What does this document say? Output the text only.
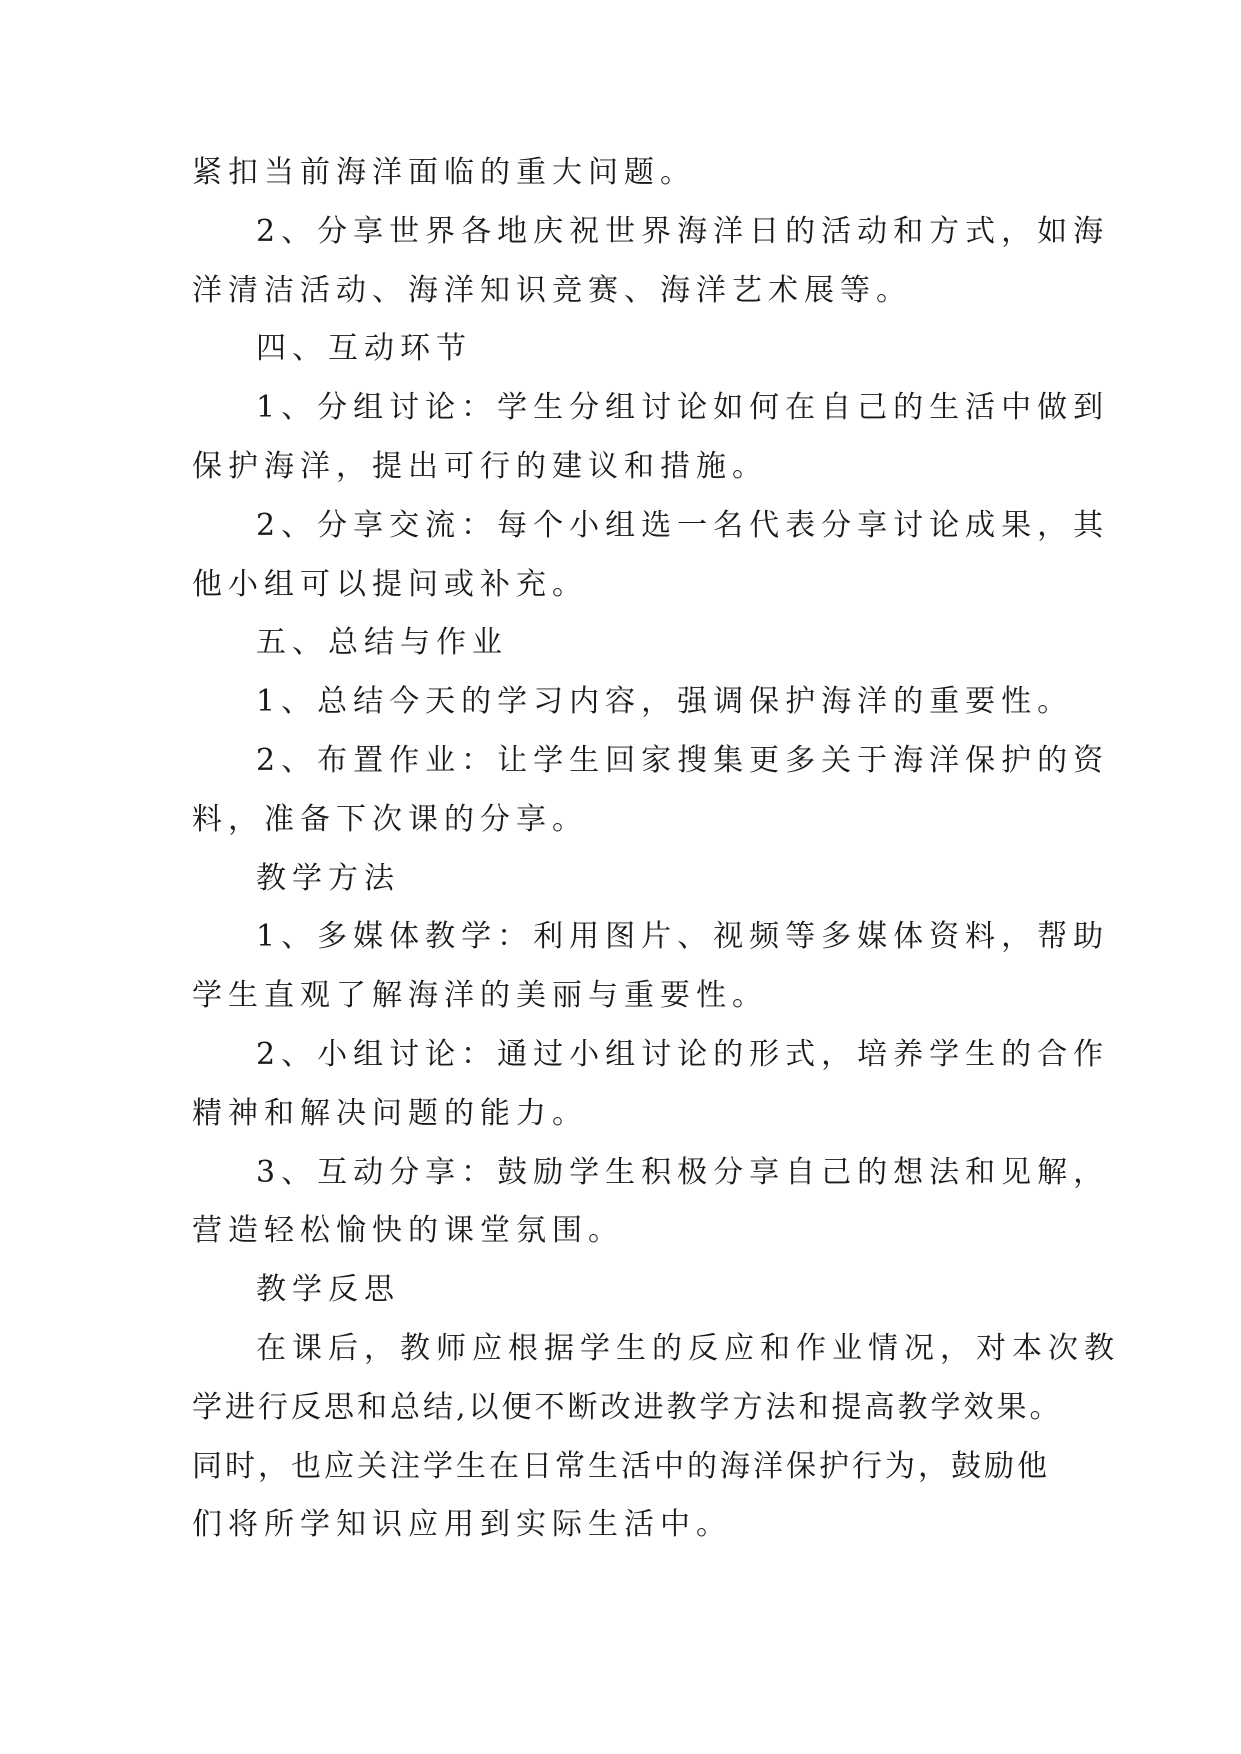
紧扣当前海洋面临的重大问题。
2、分享世界各地庆祝世界海洋日的活动和方式，如海
洋清洁活动、海洋知识竞赛、海洋艺术展等。
四、互动环节
1、分组讨论：学生分组讨论如何在自己的生活中做到
保护海洋，提出可行的建议和措施。
2、分享交流：每个小组选一名代表分享讨论成果，其
他小组可以提问或补充。
五、总结与作业
1、总结今天的学习内容，强调保护海洋的重要性。
2、布置作业：让学生回家搜集更多关于海洋保护的资
料，准备下次课的分享。
教学方法
1、多媒体教学：利用图片、视频等多媒体资料，帮助
学生直观了解海洋的美丽与重要性。
2、小组讨论：通过小组讨论的形式，培养学生的合作
精神和解决问题的能力。
3、互动分享：鼓励学生积极分享自己的想法和见解，
营造轻松愉快的课堂氛围。
教学反思
在课后，教师应根据学生的反应和作业情况，对本次教
学进行反思和总结,以便不断改进教学方法和提高教学效果。
同时，也应关注学生在日常生活中的海洋保护行为，鼓励他
们将所学知识应用到实际生活中。
